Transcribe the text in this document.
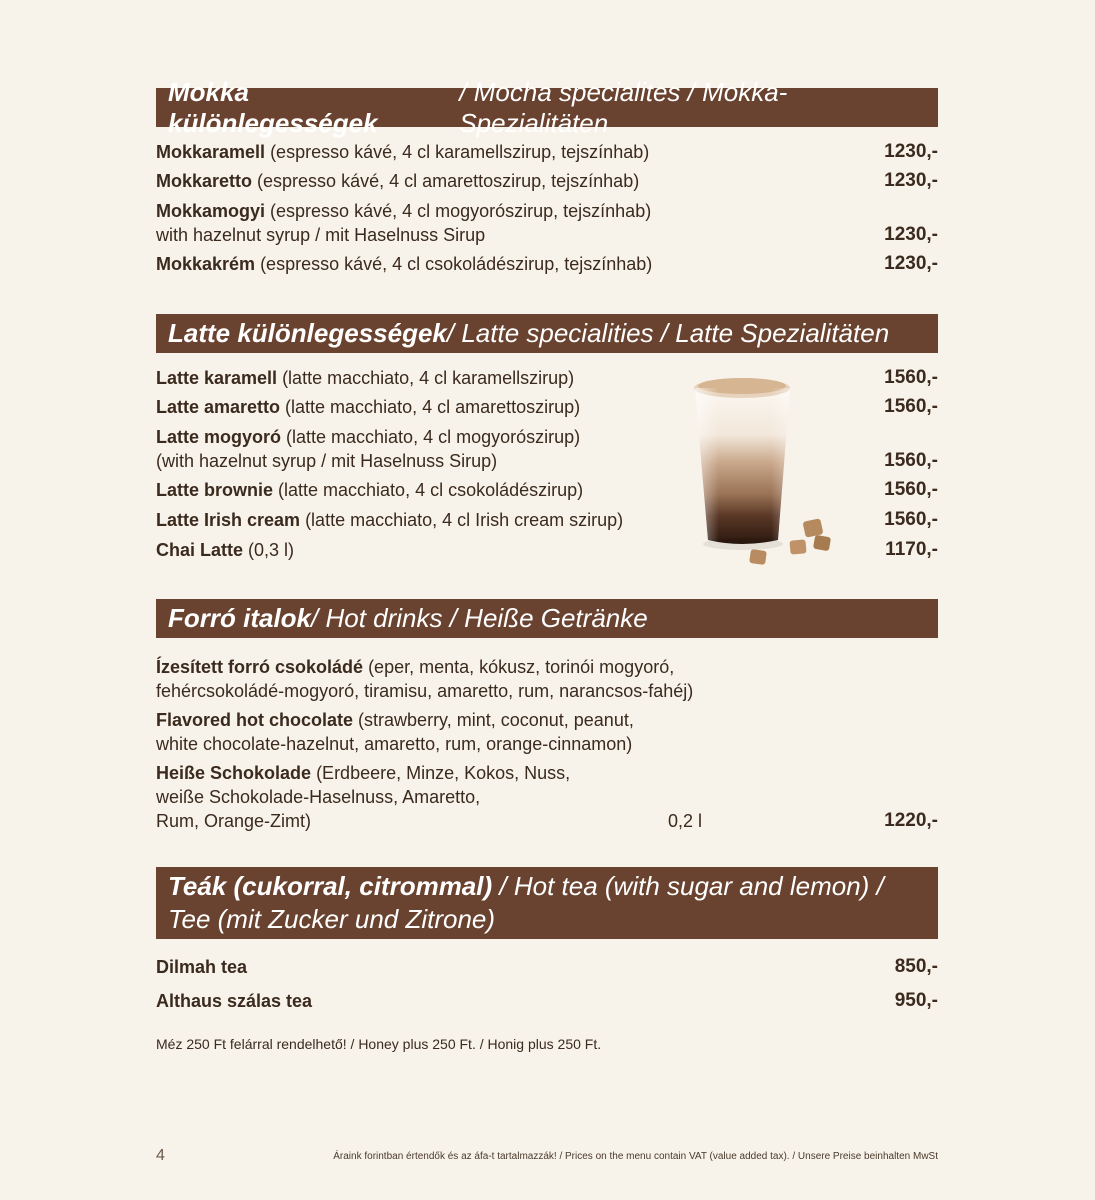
Mokka különlegességek
/ Mocha specialites / Mokka-Spezialitäten
Mokkaramell (espresso kávé, 4 cl karamellszirup, tejszínhab)	1230,-
Mokkaretto (espresso kávé, 4 cl amarettoszirup, tejszínhab)	1230,-
Mokkamogyi (espresso kávé, 4 cl mogyorószirup, tejszínhab)
with hazelnut syrup / mit Haselnuss Sirup	1230,-
Mokkakrém (espresso kávé, 4 cl csokoládészirup, tejszínhab)	1230,-
Latte különlegességek / Latte specialities / Latte Spezialitäten
Latte karamell (latte macchiato, 4 cl karamellszirup)	1560,-
Latte amaretto (latte macchiato, 4 cl amarettoszirup)	1560,-
Latte mogyoró (latte macchiato, 4 cl mogyorószirup)
(with hazelnut syrup / mit Haselnuss Sirup)	1560,-
Latte brownie (latte macchiato, 4 cl csokoládészirup)	1560,-
Latte Irish cream (latte macchiato, 4 cl Irish cream szirup)	1560,-
Chai Latte (0,3 l)	1170,-
Forró italok / Hot drinks / Heiße Getränke
Ízesített forró csokoládé (eper, menta, kókusz, torinói mogyoró,
fehércsokoládé-mogyoró, tiramisu, amaretto, rum, narancsos-fahéj)
Flavored hot chocolate (strawberry, mint, coconut, peanut,
white chocolate-hazelnut, amaretto, rum, orange-cinnamon)
Heiße Schokolade (Erdbeere, Minze, Kokos, Nuss,
weiße Schokolade-Haselnuss, Amaretto,
Rum, Orange-Zimt)	0,2 l	1220,-
Teák (cukorral, citrommal) / Hot tea (with sugar and lemon) /
Tee (mit Zucker und Zitrone)
Dilmah tea	850,-
Althaus szálas tea	950,-
Méz 250 Ft felárral rendelhető! / Honey plus 250 Ft. / Honig plus 250 Ft.
4	Áraink forintban értendők és az áfa-t tartalmazzák! / Prices on the menu contain VAT (value added tax). / Unsere Preise beinhalten MwSt
